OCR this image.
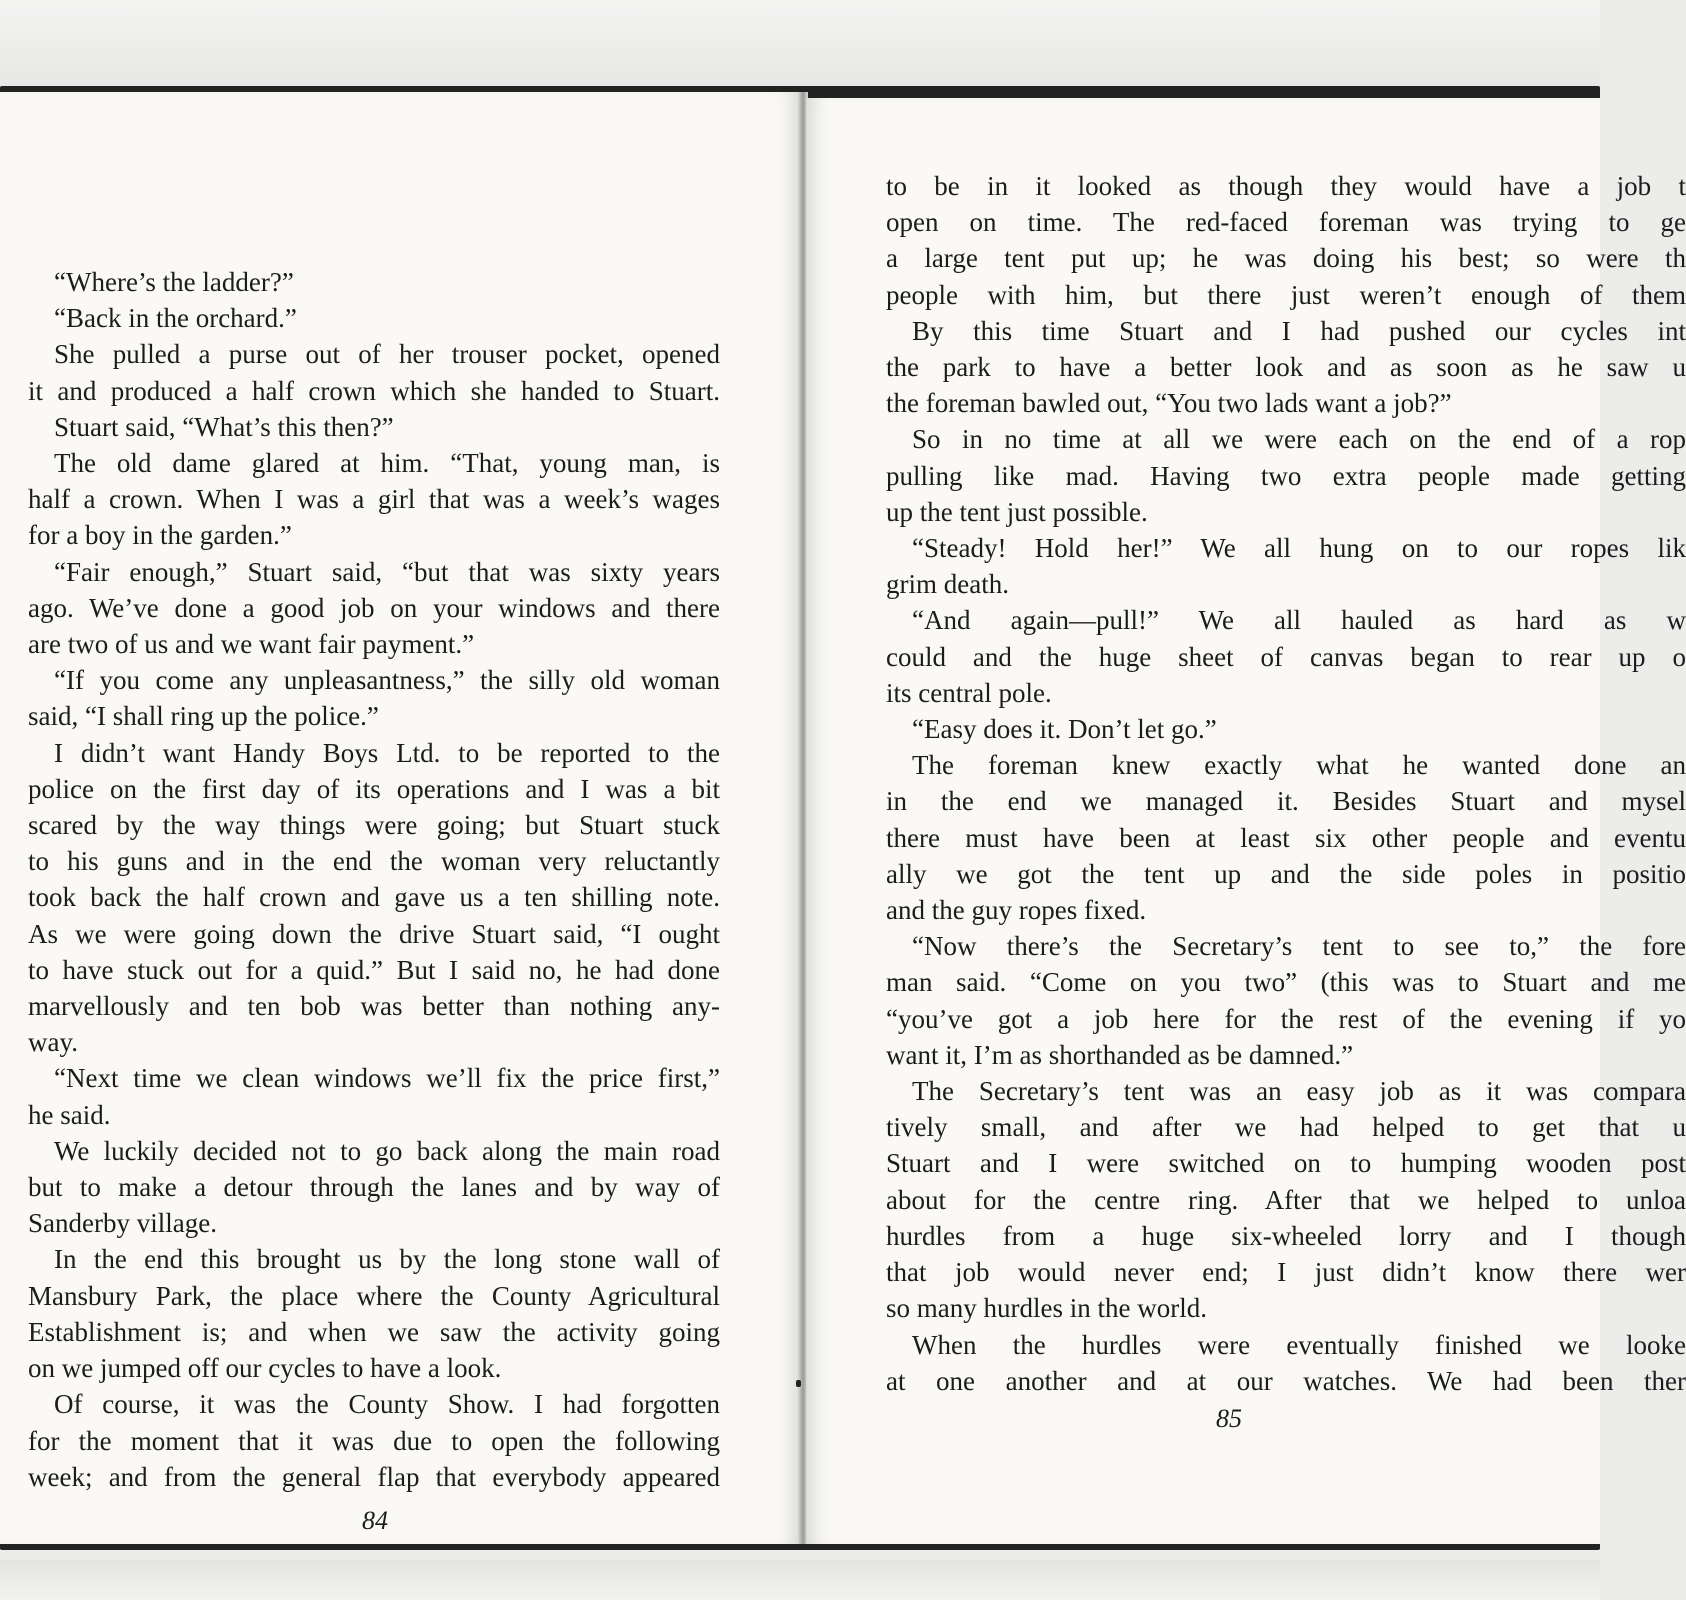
“Where’s the ladder?”

“Back in the orchard.”

She pulled a purse out of her trouser pocket, opened

it and produced a half crown which she handed to Stuart.

Stuart said, “What’s this then?”

The old dame glared at him. “That, young man, is

half a crown. When I was a girl that was a week’s wages

for a boy in the garden.”

“Fair enough,” Stuart said, “but that was sixty years

ago. We’ve done a good job on your windows and there

are two of us and we want fair payment.”

“If you come any unpleasantness,” the silly old woman

said, “I shall ring up the police.”

I didn’t want Handy Boys Ltd. to be reported to the

police on the first day of its operations and I was a bit

scared by the way things were going; but Stuart stuck

to his guns and in the end the woman very reluctantly

took back the half crown and gave us a ten shilling note.

As we were going down the drive Stuart said, “I ought

to have stuck out for a quid.” But I said no, he had done

marvellously and ten bob was better than nothing any-

way.

“Next time we clean windows we’ll fix the price first,”

he said.

We luckily decided not to go back along the main road

but to make a detour through the lanes and by way of

Sanderby village.

In the end this brought us by the long stone wall of

Mansbury Park, the place where the County Agricultural

Establishment is; and when we saw the activity going

on we jumped off our cycles to have a look.

Of course, it was the County Show. I had forgotten

for the moment that it was due to open the following

week; and from the general flap that everybody appeared

84

to be in it looked as though they would have a job t

open on time. The red-faced foreman was trying to ge

a large tent put up; he was doing his best; so were th

people with him, but there just weren’t enough of them

By this time Stuart and I had pushed our cycles int

the park to have a better look and as soon as he saw u

the foreman bawled out, “You two lads want a job?”

So in no time at all we were each on the end of a rop

pulling like mad. Having two extra people made getting

up the tent just possible.

“Steady! Hold her!” We all hung on to our ropes lik

grim death.

“And again—pull!” We all hauled as hard as w

could and the huge sheet of canvas began to rear up o

its central pole.

“Easy does it. Don’t let go.”

The foreman knew exactly what he wanted done an

in the end we managed it. Besides Stuart and mysel

there must have been at least six other people and eventu

ally we got the tent up and the side poles in positio

and the guy ropes fixed.

“Now there’s the Secretary’s tent to see to,” the fore

man said. “Come on you two” (this was to Stuart and me

“you’ve got a job here for the rest of the evening if yo

want it, I’m as shorthanded as be damned.”

The Secretary’s tent was an easy job as it was compara

tively small, and after we had helped to get that u

Stuart and I were switched on to humping wooden post

about for the centre ring. After that we helped to unloa

hurdles from a huge six-wheeled lorry and I though

that job would never end; I just didn’t know there wer

so many hurdles in the world.

When the hurdles were eventually finished we looke

at one another and at our watches. We had been ther

85
